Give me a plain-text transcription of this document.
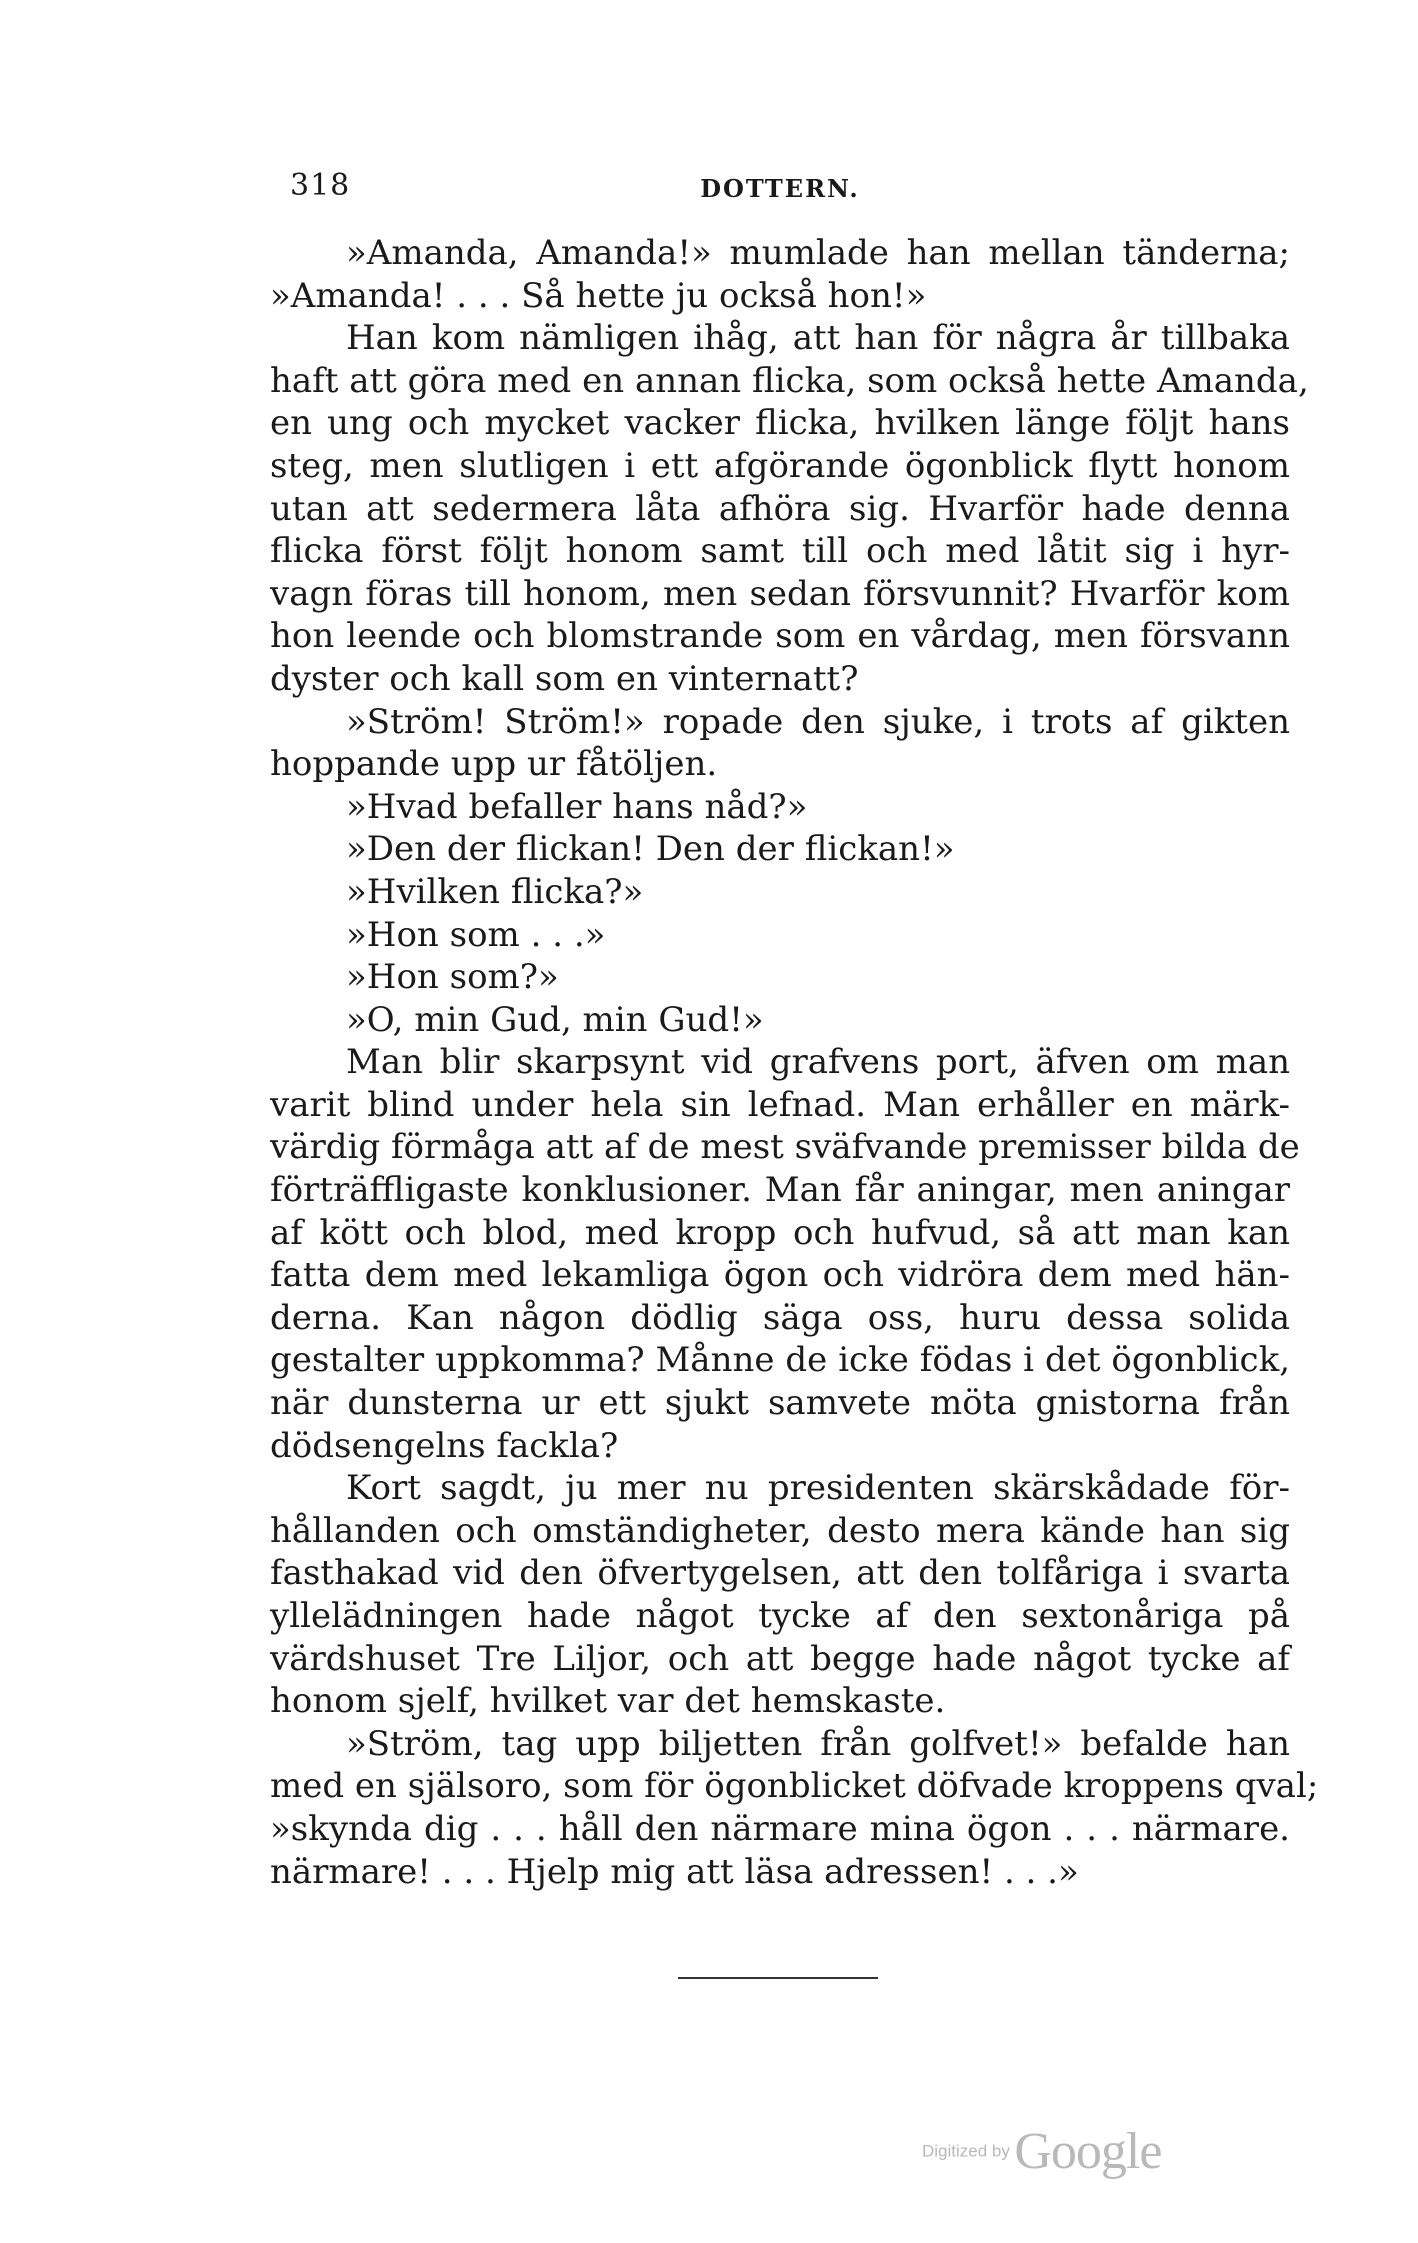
318	DOTTERN.
»Amanda, Amanda!» mumlade han mellan tänderna;
»Amanda! . . . Så hette ju också hon!»
Han kom nämligen ihåg, att han för några år tillbaka
haft att göra med en annan flicka, som också hette Amanda,
en ung och mycket vacker flicka, hvilken länge följt hans
steg, men slutligen i ett afgörande ögonblick flytt honom
utan att sedermera låta afhöra sig. Hvarför hade denna
flicka först följt honom samt till och med låtit sig i hyr-
vagn föras till honom, men sedan försvunnit? Hvarför kom
hon leende och blomstrande som en vårdag, men försvann
dyster och kall som en vinternatt?
»Ström! Ström!» ropade den sjuke, i trots af gikten
hoppande upp ur fåtöljen.
»Hvad befaller hans nåd?»
»Den der flickan! Den der flickan!»
»Hvilken flicka?»
»Hon som . . .»
»Hon som?»
»O, min Gud, min Gud!»
Man blir skarpsynt vid grafvens port, äfven om man
varit blind under hela sin lefnad. Man erhåller en märk-
värdig förmåga att af de mest sväfvande premisser bilda de
förträffligaste konklusioner. Man får aningar, men aningar
af kött och blod, med kropp och hufvud, så att man kan
fatta dem med lekamliga ögon och vidröra dem med hän-
derna. Kan någon dödlig säga oss, huru dessa solida
gestalter uppkomma? Månne de icke födas i det ögonblick,
när dunsterna ur ett sjukt samvete möta gnistorna från
dödsengelns fackla?
Kort sagdt, ju mer nu presidenten skärskådade för-
hållanden och omständigheter, desto mera kände han sig
fasthakad vid den öfvertygelsen, att den tolfåriga i svarta
yllelädningen hade något tycke af den sextonåriga på
värdshuset Tre Liljor, och att begge hade något tycke af
honom sjelf, hvilket var det hemskaste.
»Ström, tag upp biljetten från golfvet!» befalde han
med en själsoro, som för ögonblicket döfvade kroppens qval;
»skynda dig . . . håll den närmare mina ögon . . . närmare.
närmare! . . . Hjelp mig att läsa adressen! . . .»
Digitized by Google
